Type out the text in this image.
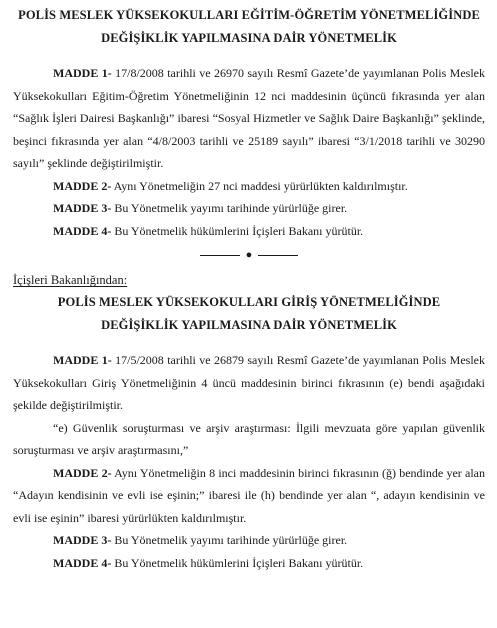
POLİS MESLEK YÜKSEKOKULLARI EĞİTİM-ÖĞRETİM YÖNETMELİĞİNDE

DEĞİŞİKLİK YAPILMASINA DAİR YÖNETMELİK

MADDE 1- 17/8/2008 tarihli ve 26970 sayılı Resmî Gazete’de yayımlanan Polis Meslek Yüksekokulları Eğitim-Öğretim Yönetmeliğinin 12 nci maddesinin üçüncü fıkrasında yer alan “Sağlık İşleri Dairesi Başkanlığı” ibaresi “Sosyal Hizmetler ve Sağlık Daire Başkanlığı” şeklinde, beşinci fıkrasında yer alan “4/8/2003 tarihli ve 25189 sayılı” ibaresi “3/1/2018 tarihli ve 30290 sayılı” şeklinde değiştirilmiştir.

MADDE 2- Aynı Yönetmeliğin 27 nci maddesi yürürlükten kaldırılmıştır.

MADDE 3- Bu Yönetmelik yayımı tarihinde yürürlüğe girer.

MADDE 4- Bu Yönetmelik hükümlerini İçişleri Bakanı yürütür.

●

İçişleri Bakanlığından:

POLİS MESLEK YÜKSEKOKULLARI GİRİŞ YÖNETMELİĞİNDE

DEĞİŞİKLİK YAPILMASINA DAİR YÖNETMELİK

MADDE 1- 17/5/2008 tarihli ve 26879 sayılı Resmî Gazete’de yayımlanan Polis Meslek Yüksekokulları Giriş Yönetmeliğinin 4 üncü maddesinin birinci fıkrasının (e) bendi aşağıdaki şekilde değiştirilmiştir.

“e) Güvenlik soruşturması ve arşiv araştırması: İlgili mevzuata göre yapılan güvenlik soruşturması ve arşiv araştırmasını,”

MADDE 2- Aynı Yönetmeliğin 8 inci maddesinin birinci fıkrasının (ğ) bendinde yer alan “Adayın kendisinin ve evli ise eşinin;” ibaresi ile (h) bendinde yer alan “, adayın kendisinin ve evli ise eşinin” ibaresi yürürlükten kaldırılmıştır.

MADDE 3- Bu Yönetmelik yayımı tarihinde yürürlüğe girer.

MADDE 4- Bu Yönetmelik hükümlerini İçişleri Bakanı yürütür.
